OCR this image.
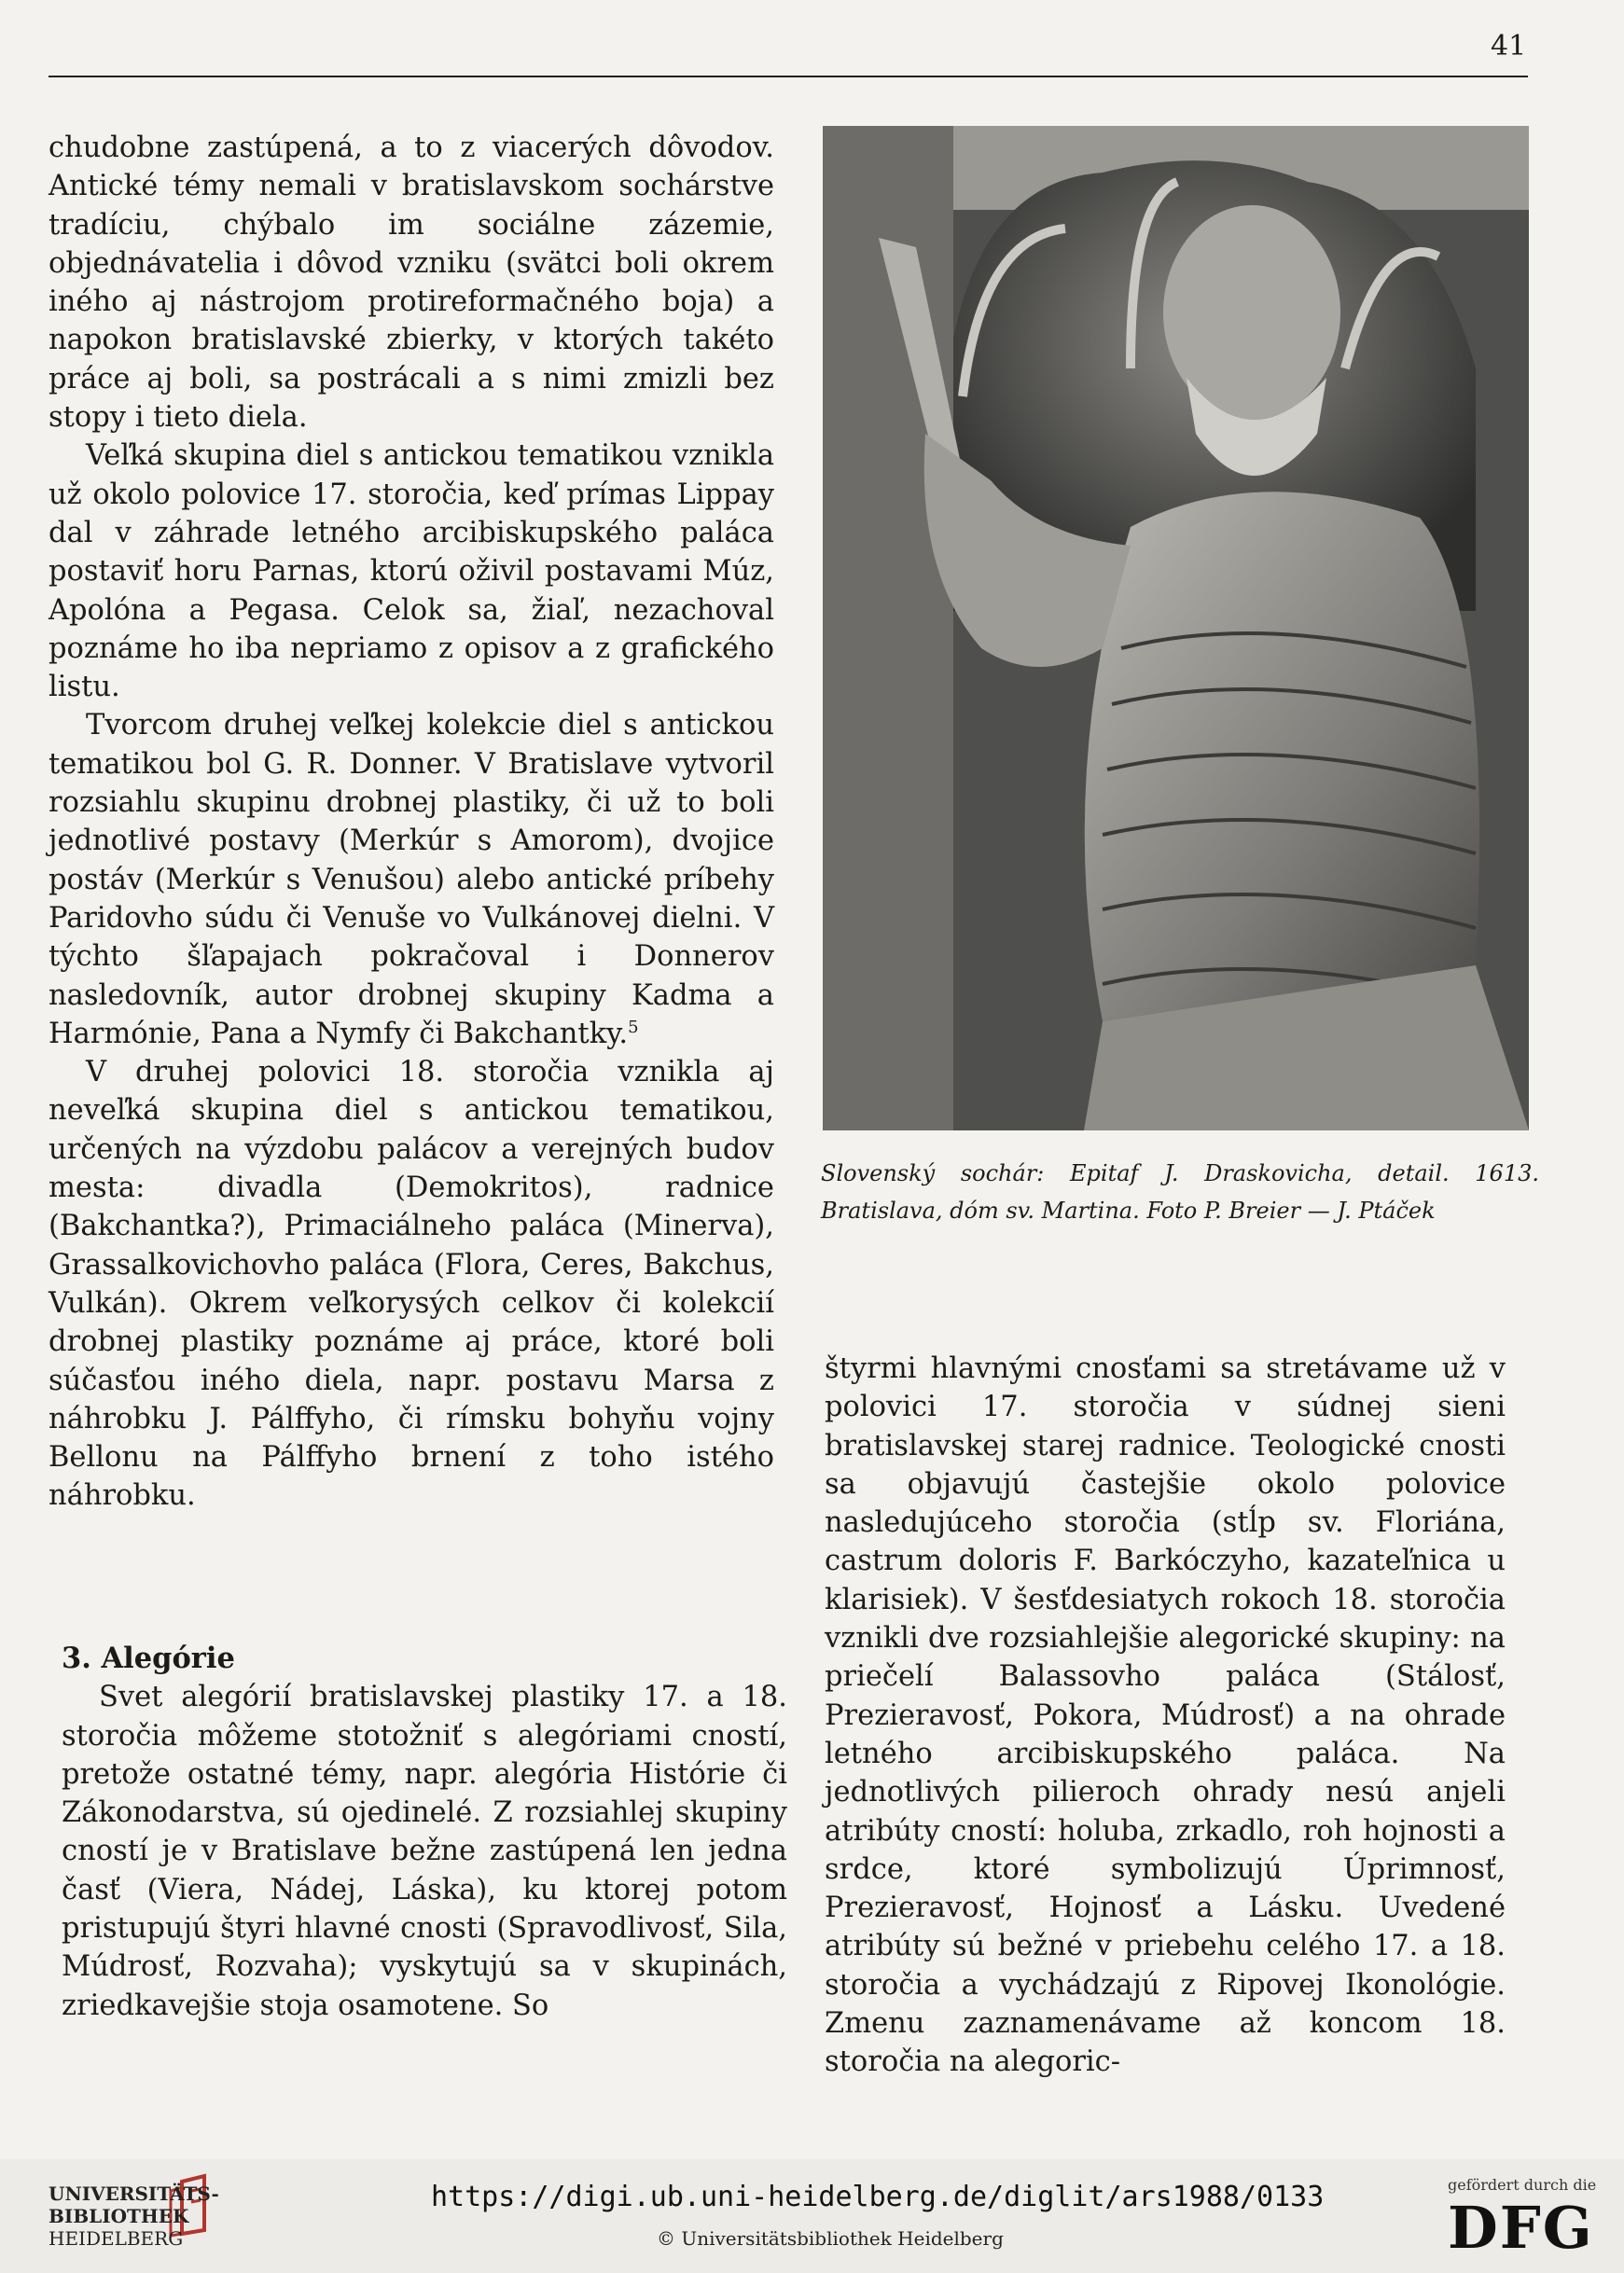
41

chudobne zastúpená, a to z viacerých dôvodov. Antické témy nemali v bratislavskom sochárstve tradíciu, chýbalo im sociálne zázemie, objednávatelia i dôvod vzniku (svätci boli okrem iného aj nástrojom protireformačného boja) a napokon bratislavské zbierky, v ktorých takéto práce aj boli, sa postrácali a s nimi zmizli bez stopy i tieto diela.

Veľká skupina diel s antickou tematikou vznikla už okolo polovice 17. storočia, keď prímas Lippay dal v záhrade letného arcibiskupského paláca postaviť horu Parnas, ktorú oživil postavami Múz, Apolóna a Pegasa. Celok sa, žiaľ, nezachoval poznáme ho iba nepriamo z opisov a z grafického listu.

Tvorcom druhej veľkej kolekcie diel s antickou tematikou bol G. R. Donner. V Bratislave vytvoril rozsiahlu skupinu drobnej plastiky, či už to boli jednotlivé postavy (Merkúr s Amorom), dvojice postáv (Merkúr s Venušou) alebo antické príbehy Paridovho súdu či Venuše vo Vulkánovej dielni. V týchto šľapajach pokračoval i Donnerov nasledovník, autor drobnej skupiny Kadma a Harmónie, Pana a Nymfy či Bakchantky.$^5$

V druhej polovici 18. storočia vznikla aj neveľká skupina diel s antickou tematikou, určených na výzdobu palácov a verejných budov mesta: divadla (Demokritos), radnice (Bakchantka?), Primaciálneho paláca (Minerva), Grassalkovichovho paláca (Flora, Ceres, Bakchus, Vulkán). Okrem veľkorysých celkov či kolekcií drobnej plastiky poznáme aj práce, ktoré boli súčasťou iného diela, napr. postavu Marsa z náhrobku J. Pálffyho, či rímsku bohyňu vojny Bellonu na Pálffyho brnení z toho istého náhrobku.

3. Alegórie

Svet alegórií bratislavskej plastiky 17. a 18. storočia môžeme stotožniť s alegóriami cností, pretože ostatné témy, napr. alegória Histórie či Zákonodarstva, sú ojedinelé. Z rozsiahlej skupiny cností je v Bratislave bežne zastúpená len jedna časť (Viera, Nádej, Láska), ku ktorej potom pristupujú štyri hlavné cnosti (Spravodlivosť, Sila, Múdrosť, Rozvaha); vyskytujú sa v skupinách, zriedkavejšie stoja osamotene. So

Slovenský sochár: Epitaf J. Draskovicha, detail. 1613. Bratislava, dóm sv. Martina. Foto P. Breier — J. Ptáček

štyrmi hlavnými cnosťami sa stretávame už v polovici 17. storočia v súdnej sieni bratislavskej starej radnice. Teologické cnosti sa objavujú častejšie okolo polovice nasledujúceho storočia (stĺp sv. Floriána, castrum doloris F. Barkóczyho, kazateľnica u klarisiek). V šesťdesiatych rokoch 18. storočia vznikli dve rozsiahlejšie alegorické skupiny: na priečelí Balassovho paláca (Stálosť, Prezieravosť, Pokora, Múdrosť) a na ohrade letného arcibiskupského paláca. Na jednotlivých pilieroch ohrady nesú anjeli atribúty cností: holuba, zrkadlo, roh hojnosti a srdce, ktoré symbolizujú Úprimnosť, Prezieravosť, Hojnosť a Lásku. Uvedené atribúty sú bežné v priebehu celého 17. a 18. storočia a vychádzajú z Ripovej Ikonológie. Zmenu zaznamenávame až koncom 18. storočia na alegoric-

UNIVERSITÄTS-
BIBLIOTHEK
HEIDELBERG
https://digi.ub.uni-heidelberg.de/diglit/ars1988/0133
© Universitätsbibliothek Heidelberg
gefördert durch die
DFG
